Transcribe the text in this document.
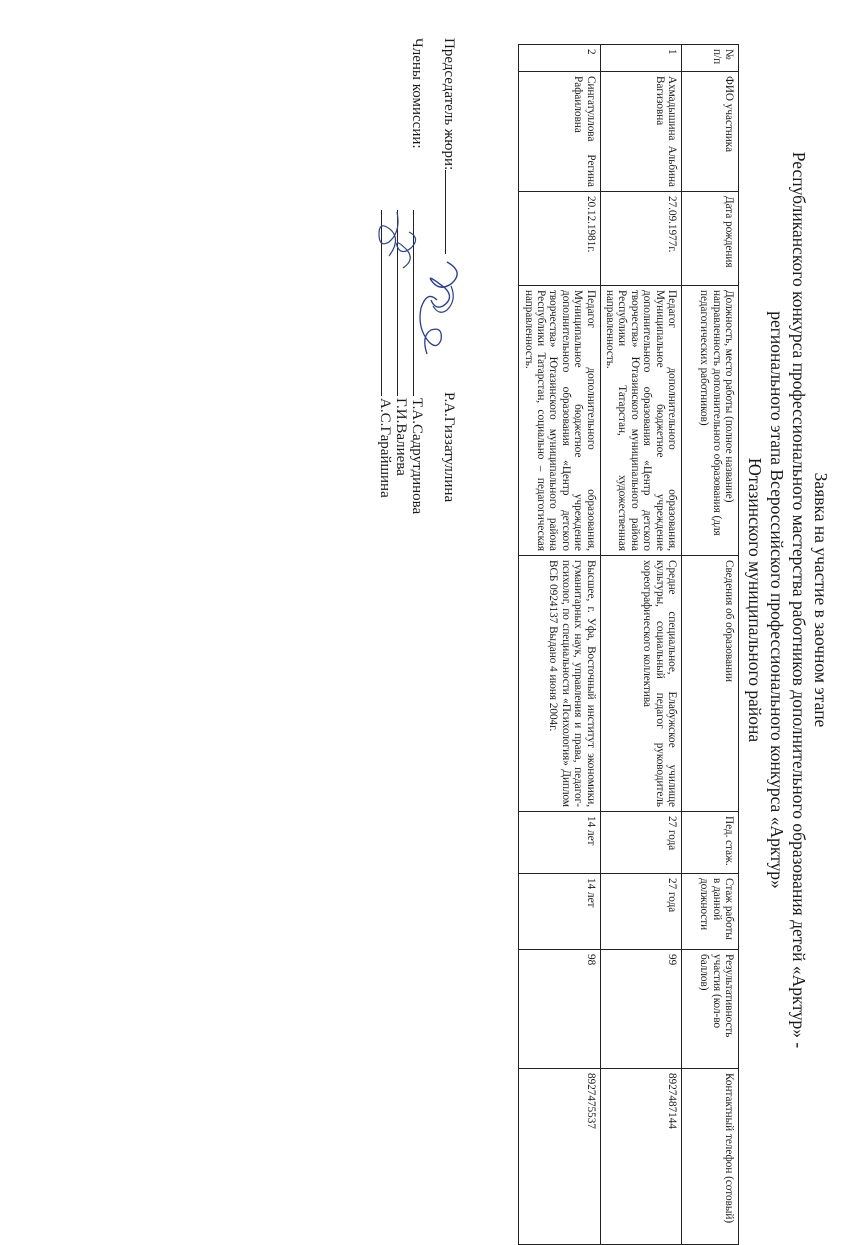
Заявка на участие в заочном этапе
Республиканского конкурса профессионального мастерства работников дополнительного образования детей «Арктур» -
регионального этапа Всероссийского профессионального конкурса «Арктур»
Ютазинского муниципального района
№ п/п	ФИО участника	Дата рождения	Должность, место работы (полное название) направленность дополнительного образования (для педагогических работников)	Сведения об образовании	Пед. стаж.	Стаж работы в данной должности	Результативность участия (кол-во баллов)	Контактный телефон (сотовый)
1	Ахмадышина Альбина Вагизовна	27.09.1977г.	Педагог дополнительного образования, Муниципальное бюджетное учреждение дополнительного образования «Центр детского творчества» Ютазинского муниципального района Республики Татарстан, художественная направленность.	Средне специальное, Елабужское училище культуры, социальный педагог руководитель хореографического коллектива	27 года	27 года	99	8927487144
2	Сингатуллова Регина Рафаиловна	20.12.1981г.	Педагог дополнительного образования, Муниципальное бюджетное учреждение дополнительного образования «Центр детского творчества» Ютазинского муниципального района Республики Татарстан, социально – педагогическая направленность.	Высшее, г. Уфа, Восточный институт экономики, гуманитарных наук, управления и права, педагог-психолог, по специальности «Психология» Диплом ВСБ 0924137 Выдано 4 июня 2004г.	14 лет	14 лет	98	8927475537
Председатель жюри:
Р.А.Гиззатуллина
Члены комиссии:
Т.А.Садрутдинова
Г.И.Валиева
А.С.Гарайшина
